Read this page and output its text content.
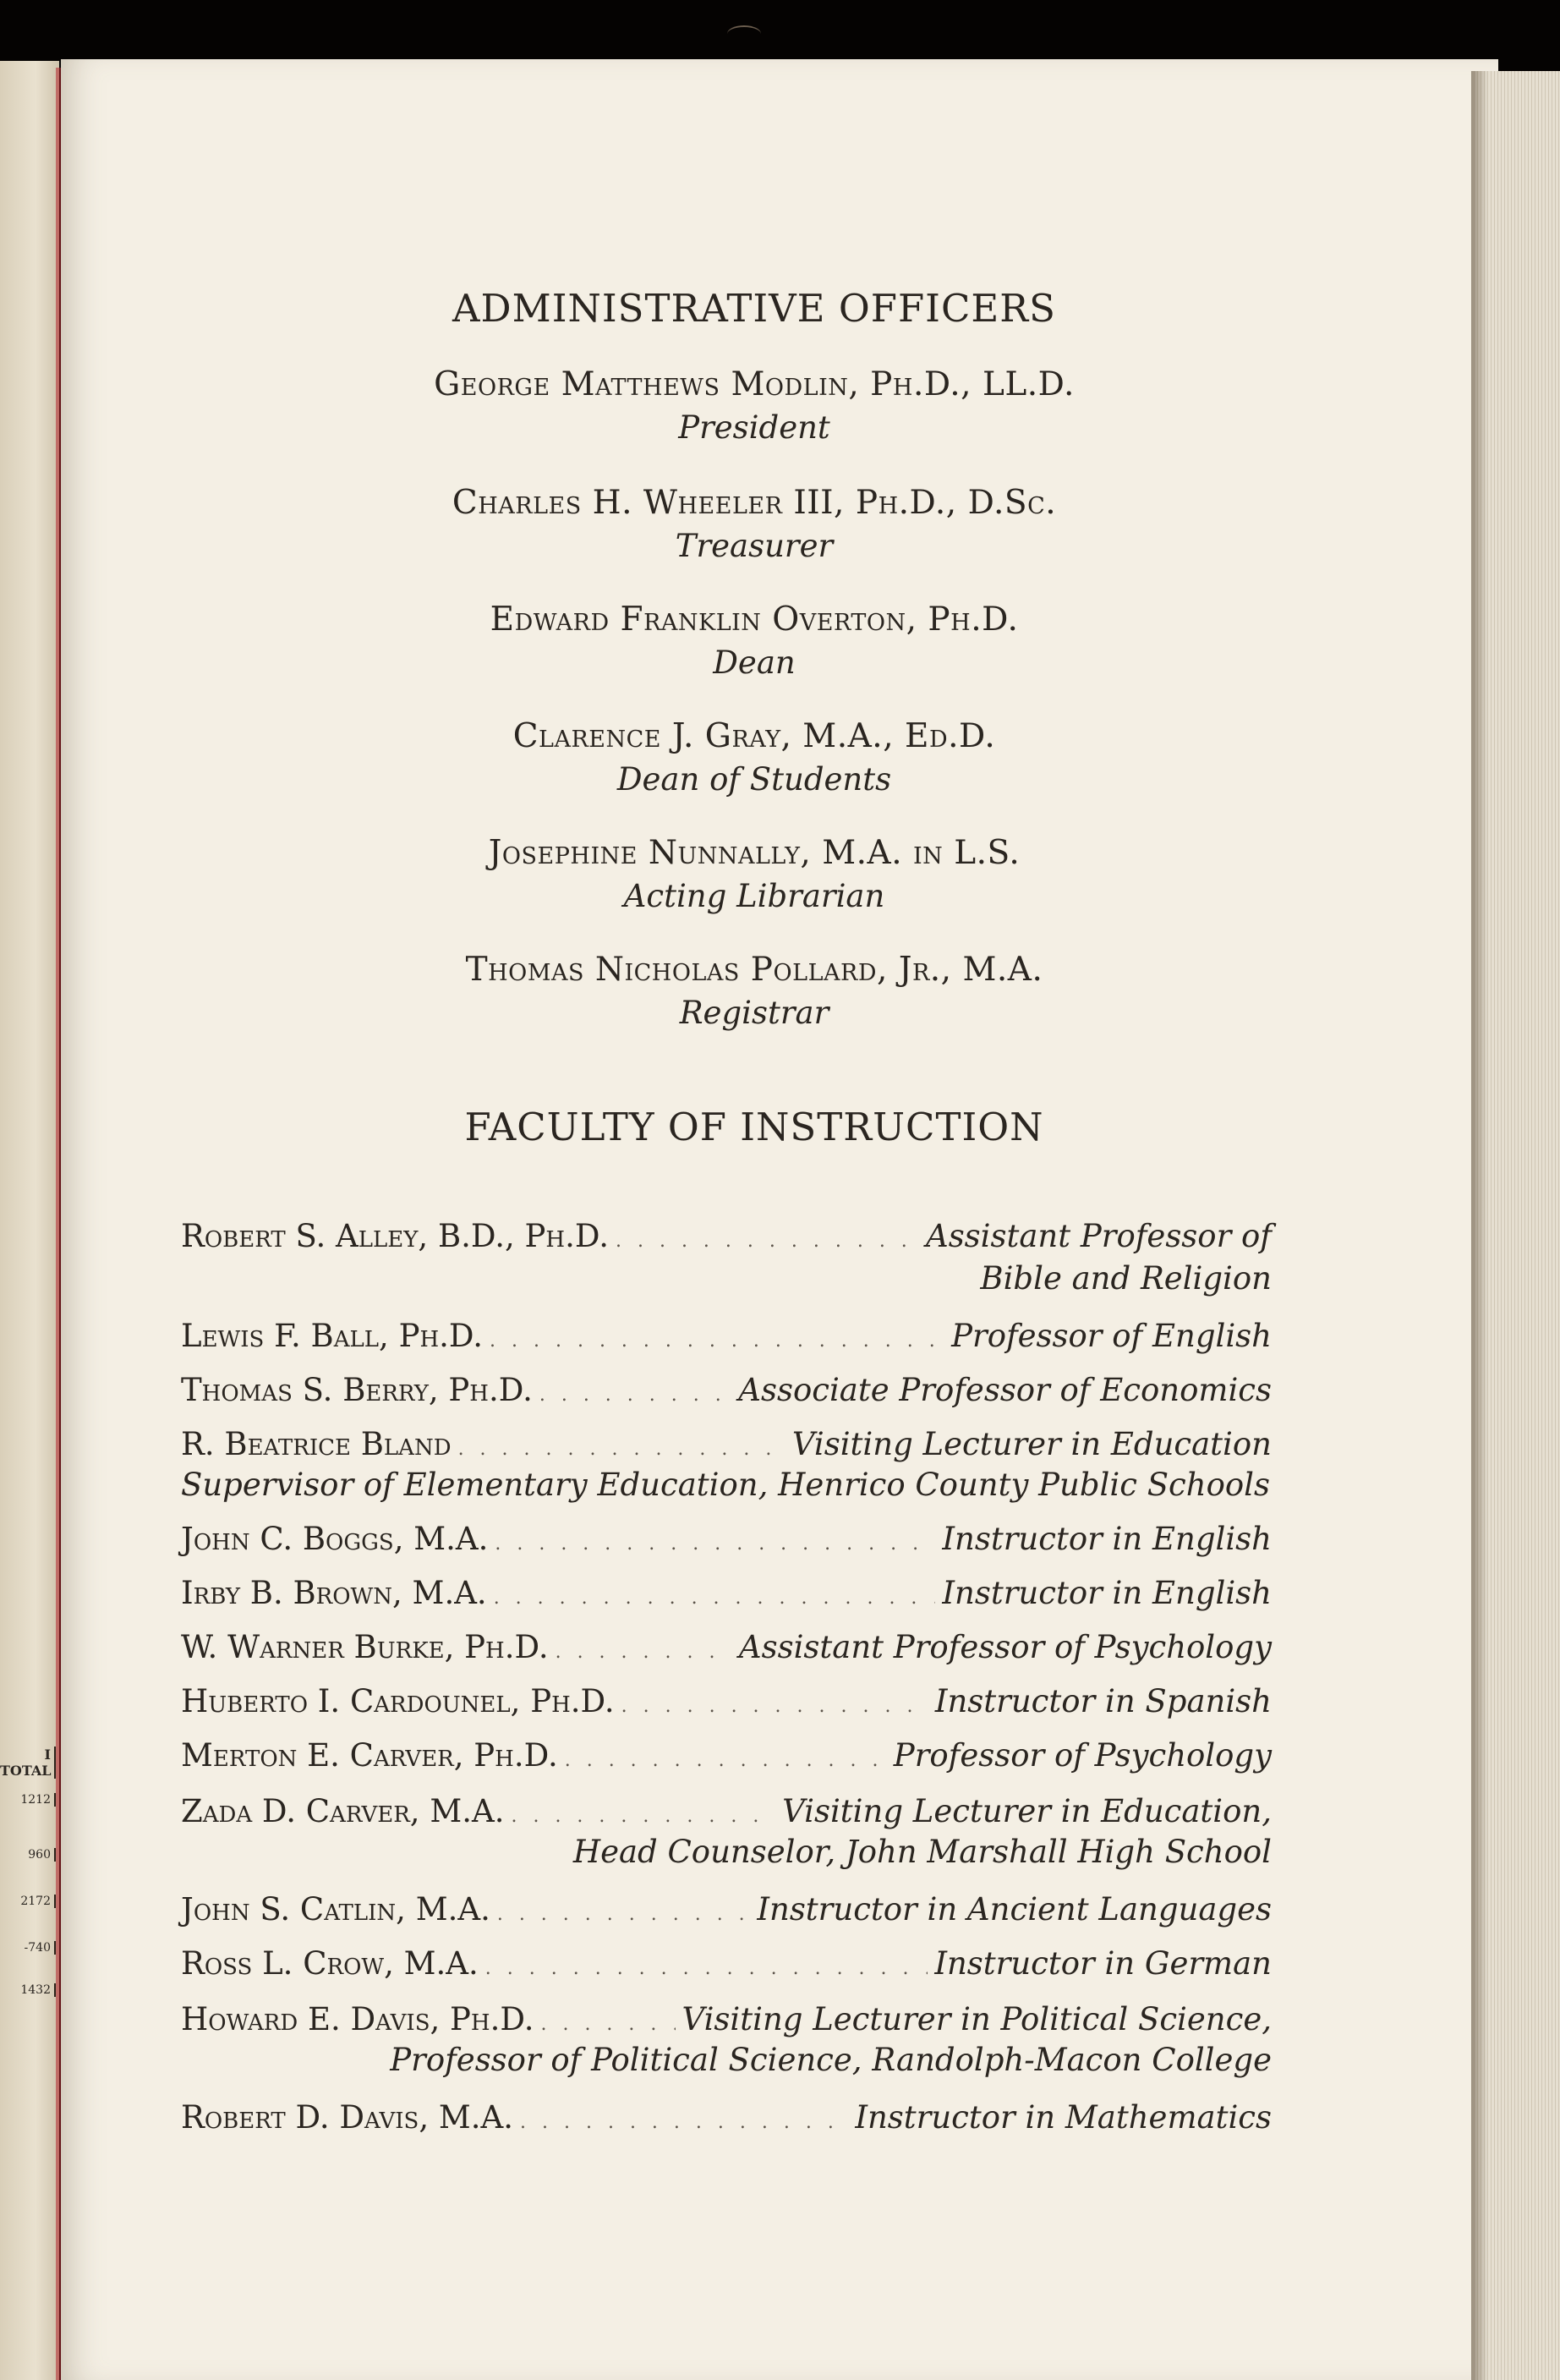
I TOTAL
1212
960
2172
-740
1432
ADMINISTRATIVE OFFICERS
George Matthews Modlin, Ph.D., LL.D.
President
Charles H. Wheeler III, Ph.D., D.Sc.
Treasurer
Edward Franklin Overton, Ph.D.
Dean
Clarence J. Gray, M.A., Ed.D.
Dean of Students
Josephine Nunnally, M.A. in L.S.
Acting Librarian
Thomas Nicholas Pollard, Jr., M.A.
Registrar
FACULTY OF INSTRUCTION
Robert S. Alley, B.D., Ph.D. . . .	Assistant Professor of
Bible and Religion
Lewis F. Ball, Ph.D. . . .	Professor of English
Thomas S. Berry, Ph.D. . . .	Associate Professor of Economics
R. Beatrice Bland . . .	Visiting Lecturer in Education
Supervisor of Elementary Education, Henrico County Public Schools
John C. Boggs, M.A. . . .	Instructor in English
Irby B. Brown, M.A. . . .	Instructor in English
W. Warner Burke, Ph.D. . . .	Assistant Professor of Psychology
Huberto I. Cardounel, Ph.D. . . .	Instructor in Spanish
Merton E. Carver, Ph.D. . . .	Professor of Psychology
Zada D. Carver, M.A. . . .	Visiting Lecturer in Education,
Head Counselor, John Marshall High School
John S. Catlin, M.A. . . .	Instructor in Ancient Languages
Ross L. Crow, M.A. . . .	Instructor in German
Howard E. Davis, Ph.D. . . .	Visiting Lecturer in Political Science,
Professor of Political Science, Randolph-Macon College
Robert D. Davis, M.A. . . .	Instructor in Mathematics
